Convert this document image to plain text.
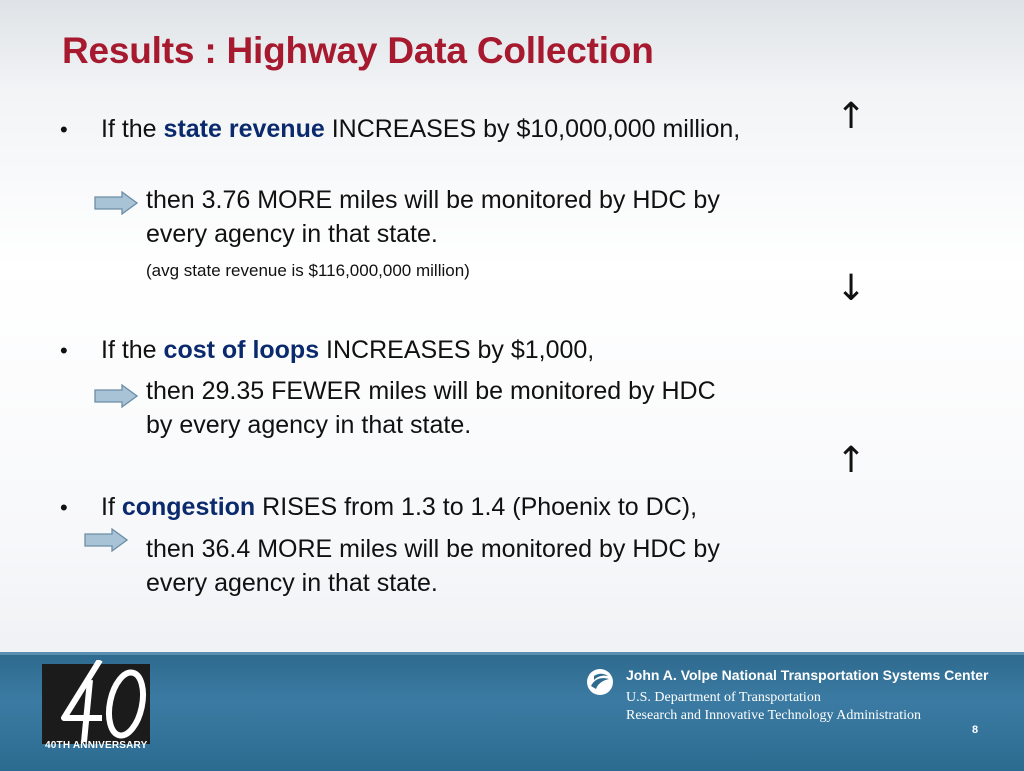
Results : Highway Data Collection
• If the state revenue INCREASES by $10,000,000 million,
then 3.76 MORE miles will be monitored by HDC by every agency in that state.
(avg state revenue is $116,000,000 million)
• If the cost of loops INCREASES by $1,000,
then 29.35 FEWER miles will be monitored by HDC by every agency in that state.
• If congestion RISES from 1.3 to 1.4 (Phoenix to DC),
then 36.4 MORE miles will be monitored by HDC by every agency in that state.
↑
↓
↑
40TH ANNIVERSARY
John A. Volpe National Transportation Systems Center
U.S. Department of Transportation
Research and Innovative Technology Administration
8
